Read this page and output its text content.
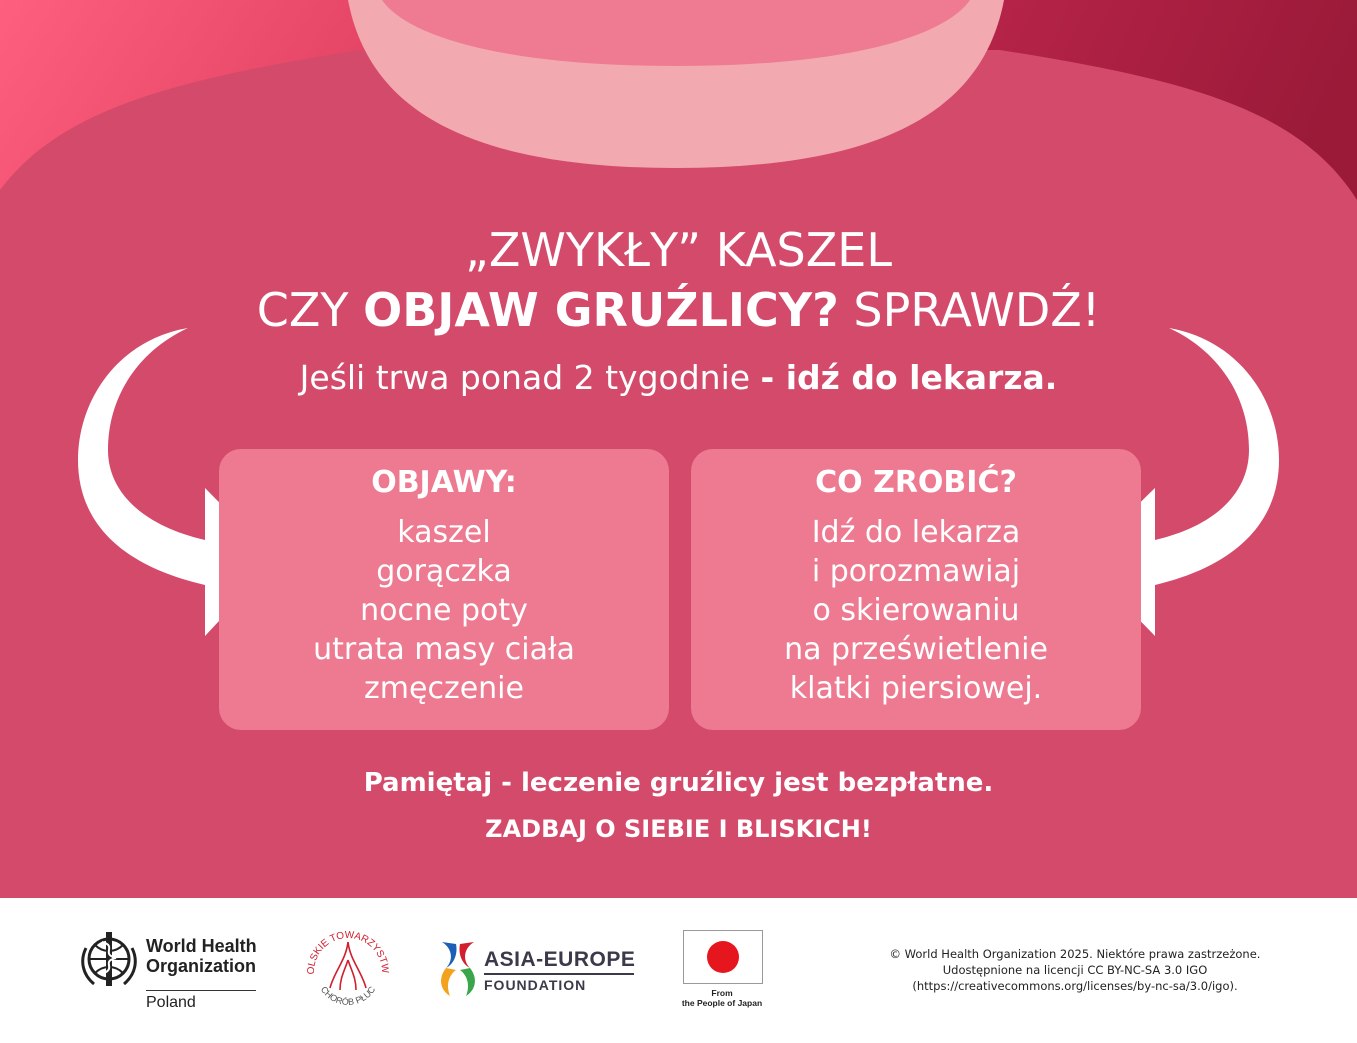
„ZWYKŁY” KASZEL
CZY OBJAW GRUŹLICY? SPRAWDŹ!
Jeśli trwa ponad 2 tygodnie - idź do lekarza.
OBJAWY:
kaszel
gorączka
nocne poty
utrata masy ciała
zmęczenie
CO ZROBIĆ?
Idź do lekarza
i porozmawiaj
o skierowaniu
na prześwietlenie
klatki piersiowej.
Pamiętaj - leczenie gruźlicy jest bezpłatne.
ZADBAJ O SIEBIE I BLISKICH!
World Health
Organization
Poland
OLSKIE TOWARZYSTW
CHORÓB PŁUC
ASIA-EUROPE
FOUNDATION	From
the People of Japan
© World Health Organization 2025. Niektóre prawa zastrzeżone.
Udostępnione na licencji CC BY-NC-SA 3.0 IGO
(https://creativecommons.org/licenses/by-nc-sa/3.0/igo).
